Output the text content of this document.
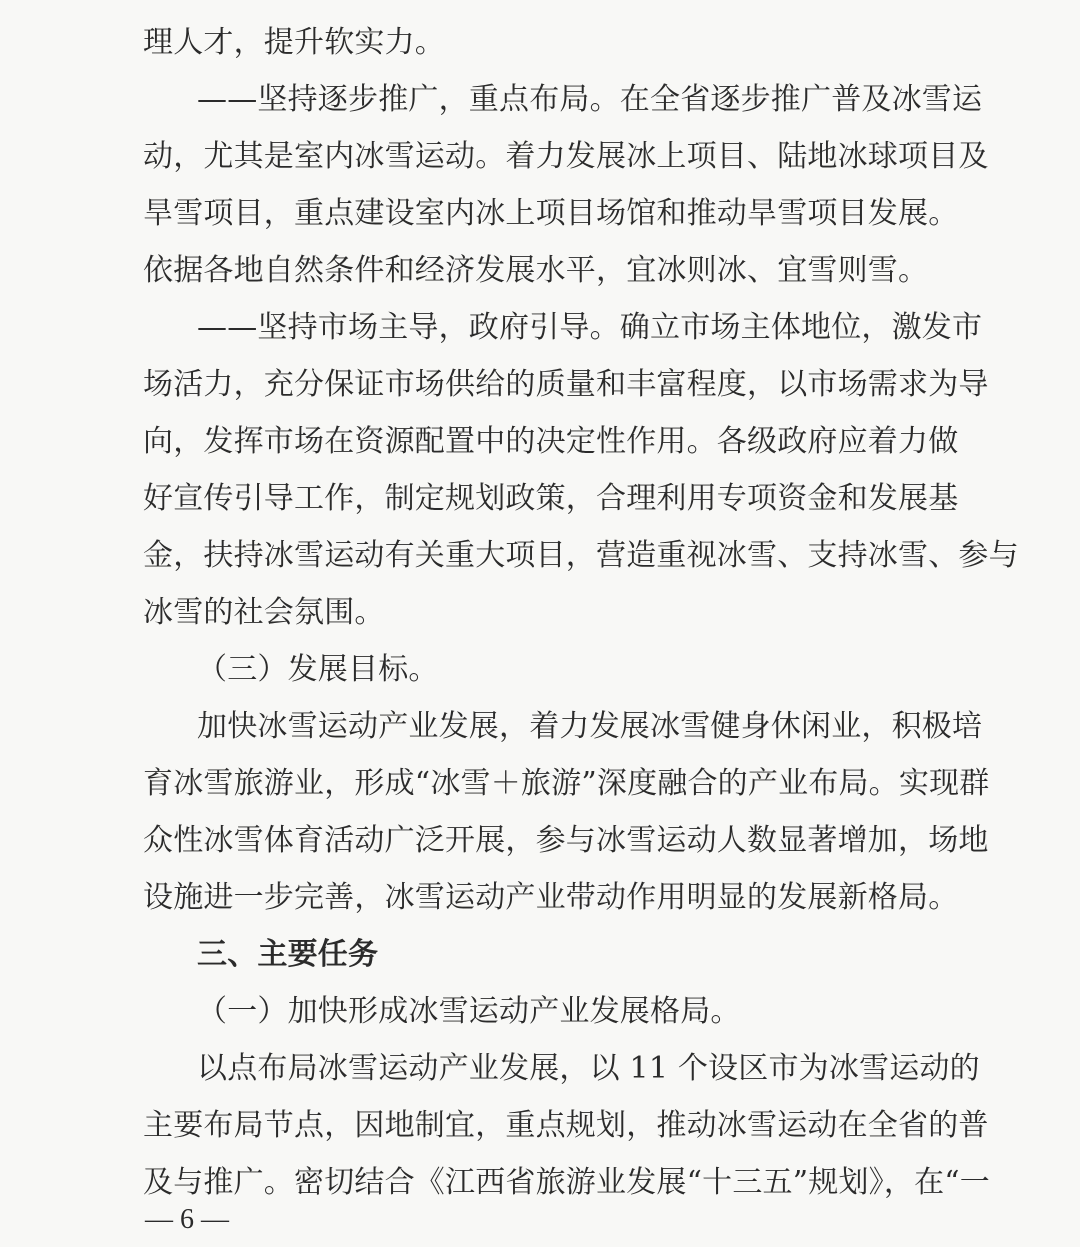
理人才，提升软实力。
——坚持逐步推广，重点布局。在全省逐步推广普及冰雪运
动，尤其是室内冰雪运动。着力发展冰上项目、陆地冰球项目及
旱雪项目，重点建设室内冰上项目场馆和推动旱雪项目发展。
依据各地自然条件和经济发展水平，宜冰则冰、宜雪则雪。
——坚持市场主导，政府引导。确立市场主体地位，激发市
场活力，充分保证市场供给的质量和丰富程度，以市场需求为导
向，发挥市场在资源配置中的决定性作用。各级政府应着力做
好宣传引导工作，制定规划政策，合理利用专项资金和发展基
金，扶持冰雪运动有关重大项目，营造重视冰雪、支持冰雪、参与
冰雪的社会氛围。
（三）发展目标。
加快冰雪运动产业发展，着力发展冰雪健身休闲业，积极培
育冰雪旅游业，形成“冰雪＋旅游”深度融合的产业布局。实现群
众性冰雪体育活动广泛开展，参与冰雪运动人数显著增加，场地
设施进一步完善，冰雪运动产业带动作用明显的发展新格局。
三、主要任务
（一）加快形成冰雪运动产业发展格局。
以点布局冰雪运动产业发展，以 11 个设区市为冰雪运动的
主要布局节点，因地制宜，重点规划，推动冰雪运动在全省的普
及与推广。密切结合《江西省旅游业发展“十三五”规划》，在“一
— 6 —
